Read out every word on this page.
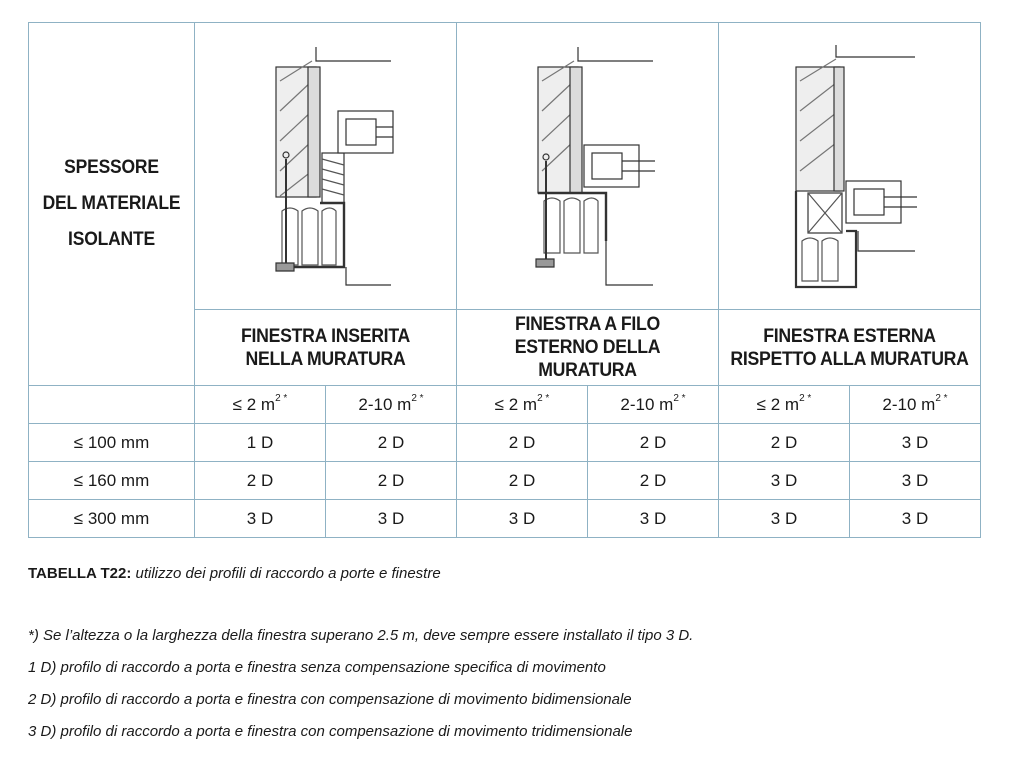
SPESSORE
DEL MATERIALE
ISOLANTE

	FINESTRA INSERITA
NELLA MURATURA		FINESTRA A FILO
ESTERNO DELLA MURATURA		FINESTRA ESTERNA
RISPETTO ALLA MURATURA	

	≤ 2 $m^{2 *}$	2-10 $m^{2 *}$	≤ 2 $m^{2 *}$	2-10 $m^{2 *}$	≤ 2 $m^{2 *}$	2-10 $m^{2 *}$
≤ 100 mm	1 D	2 D	2 D	2 D	2 D	3 D
≤ 160 mm	2 D	2 D	2 D	2 D	3 D	3 D
≤ 300 mm	3 D	3 D	3 D	3 D	3 D	3 D
TABELLA T22: utilizzo dei profili di raccordo a porte e finestre
*) Se l’altezza o la larghezza della finestra superano 2.5 m, deve sempre essere installato il tipo 3 D.
1 D) profilo di raccordo a porta e finestra senza compensazione specifica di movimento
2 D) profilo di raccordo a porta e finestra con compensazione di movimento bidimensionale
3 D) profilo di raccordo a porta e finestra con compensazione di movimento tridimensionale
